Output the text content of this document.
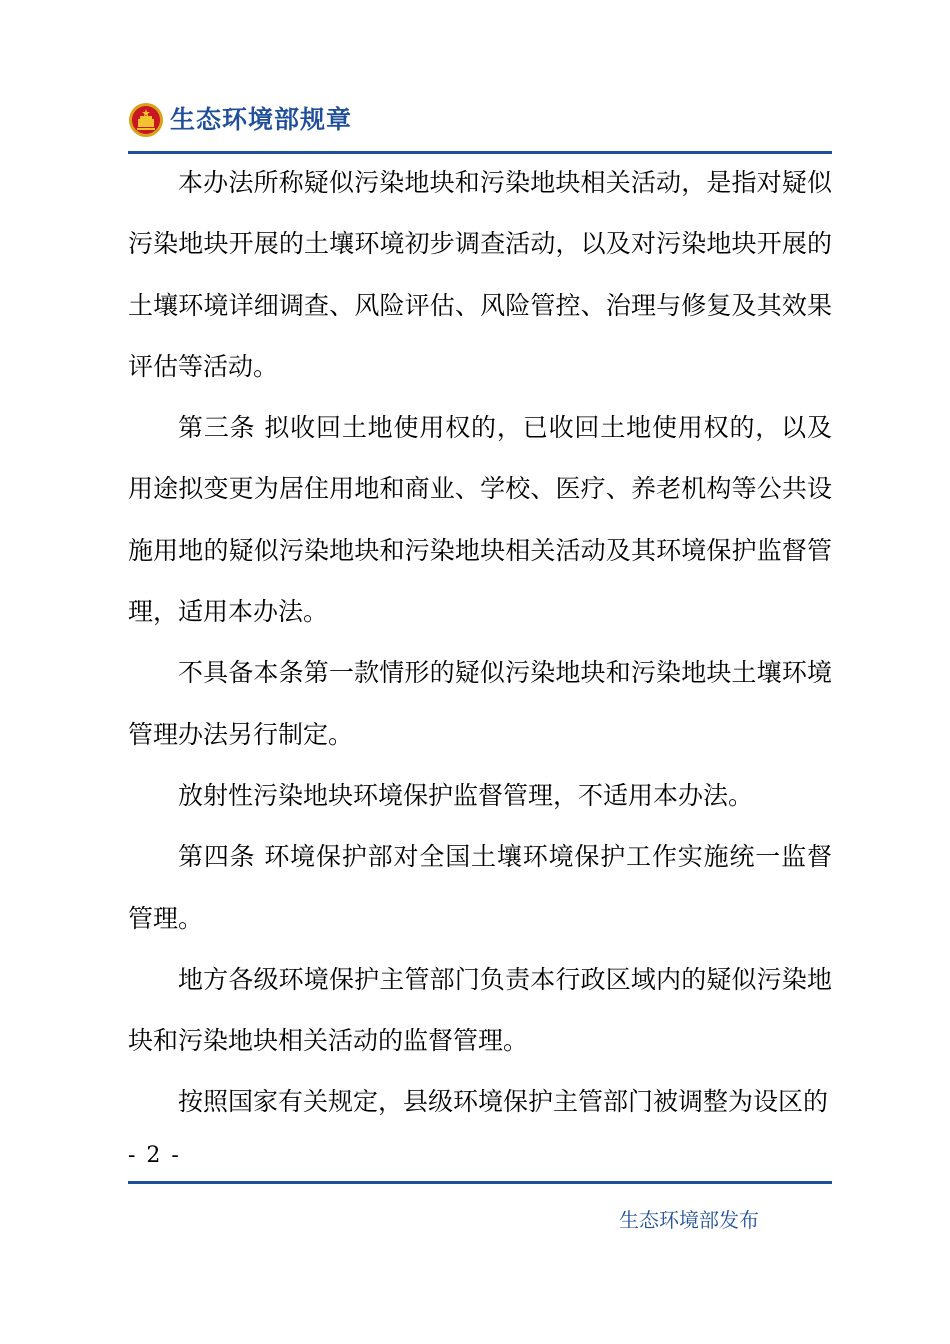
生态环境部规章

本办法所称疑似污染地块和污染地块相关活动，是指对疑似污染地块开展的土壤环境初步调查活动，以及对污染地块开展的土壤环境详细调查、风险评估、风险管控、治理与修复及其效果评估等活动。

第三条 拟收回土地使用权的，已收回土地使用权的，以及用途拟变更为居住用地和商业、学校、医疗、养老机构等公共设施用地的疑似污染地块和污染地块相关活动及其环境保护监督管理，适用本办法。

不具备本条第一款情形的疑似污染地块和污染地块土壤环境管理办法另行制定。

放射性污染地块环境保护监督管理，不适用本办法。

第四条 环境保护部对全国土壤环境保护工作实施统一监督管理。

地方各级环境保护主管部门负责本行政区域内的疑似污染地块和污染地块相关活动的监督管理。

按照国家有关规定，县级环境保护主管部门被调整为设区的

- 2 -
生态环境部发布
